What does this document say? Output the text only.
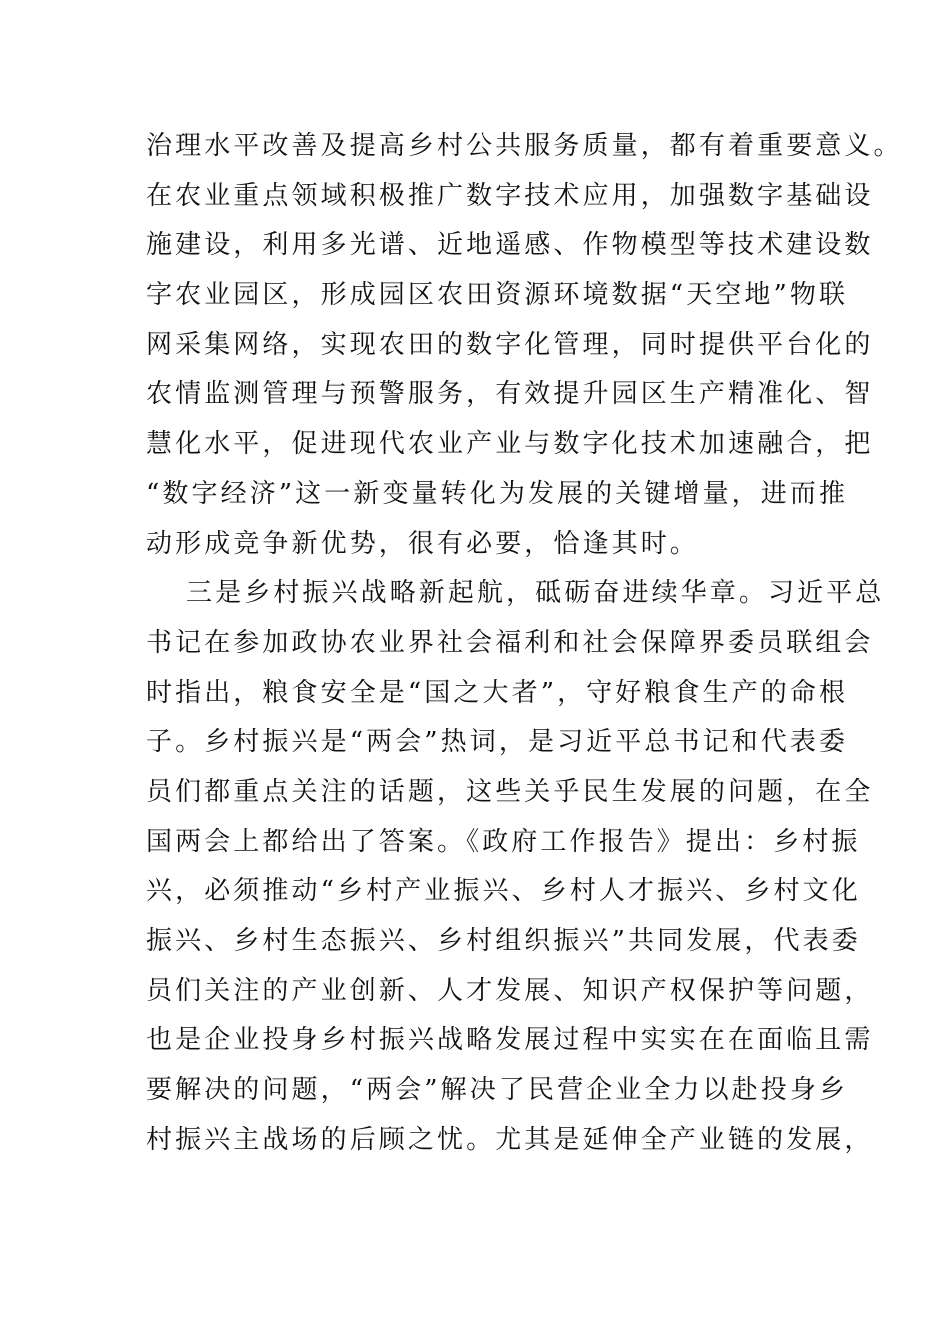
治理水平改善及提高乡村公共服务质量，都有着重要意义。
在农业重点领域积极推广数字技术应用，加强数字基础设
施建设，利用多光谱、近地遥感、作物模型等技术建设数
字农业园区，形成园区农田资源环境数据“天空地”物联
网采集网络，实现农田的数字化管理，同时提供平台化的
农情监测管理与预警服务，有效提升园区生产精准化、智
慧化水平，促进现代农业产业与数字化技术加速融合，把
“数字经济”这一新变量转化为发展的关键增量，进而推
动形成竞争新优势，很有必要，恰逢其时。
三是乡村振兴战略新起航，砥砺奋进续华章。习近平总
书记在参加政协农业界社会福利和社会保障界委员联组会
时指出，粮食安全是“国之大者”，守好粮食生产的命根
子。乡村振兴是“两会”热词，是习近平总书记和代表委
员们都重点关注的话题，这些关乎民生发展的问题，在全
国两会上都给出了答案。《政府工作报告》提出：乡村振
兴，必须推动“乡村产业振兴、乡村人才振兴、乡村文化
振兴、乡村生态振兴、乡村组织振兴”共同发展，代表委
员们关注的产业创新、人才发展、知识产权保护等问题，
也是企业投身乡村振兴战略发展过程中实实在在面临且需
要解决的问题，“两会”解决了民营企业全力以赴投身乡
村振兴主战场的后顾之忧。尤其是延伸全产业链的发展，
